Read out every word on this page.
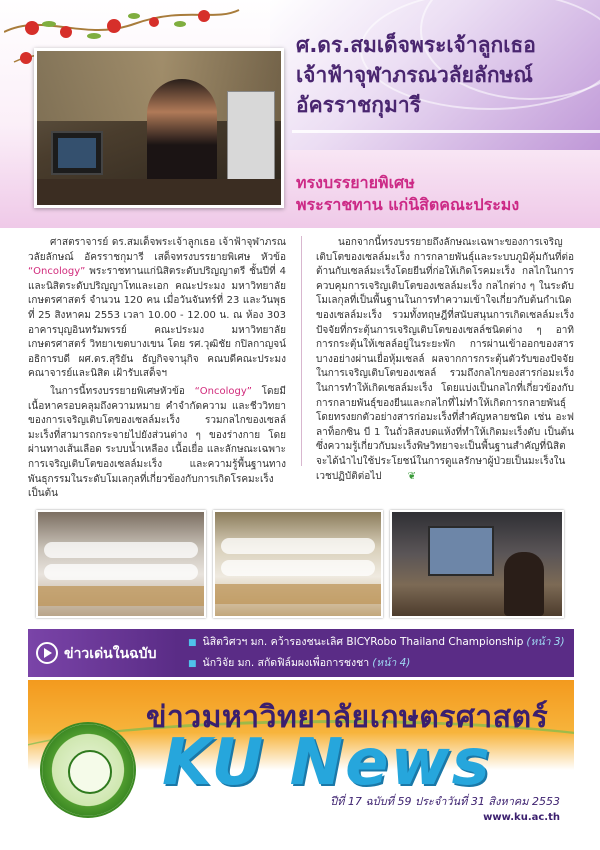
ศ.ดร.สมเด็จพระเจ้าลูกเธอ
เจ้าฟ้าจุฬาภรณวลัยลักษณ์
อัครราชกุมารี
ทรงบรรยายพิเศษ
พระราชทาน แก่นิสิตคณะประมง

ศาสตราจารย์ ดร.สมเด็จพระเจ้าลูกเธอ เจ้าฟ้าจุฬาภรณวลัยลักษณ์ อัครราชกุมารี เสด็จทรงบรรยายพิเศษ หัวข้อ “Oncology” พระราชทานแก่นิสิตระดับปริญญาตรี ชั้นปีที่ 4 และนิสิตระดับปริญญาโทและเอก คณะประมง มหาวิทยาลัยเกษตรศาสตร์ จำนวน 120 คน เมื่อวันจันทร์ที่ 23 และวันพุธที่ 25 สิงหาคม 2553 เวลา 10.00 - 12.00 น. ณ ห้อง 303 อาคารบุญอินทรัมพรรย์ คณะประมง มหาวิทยาลัยเกษตรศาสตร์ วิทยาเขตบางเขน โดย รศ.วุฒิชัย กปิลกาญจน์ อธิการบดี ผศ.ดร.สุริยัน ธัญกิจจานุกิจ คณบดีคณะประมง คณาจารย์และนิสิต เฝ้ารับเสด็จฯ

ในการนี้ทรงบรรยายพิเศษหัวข้อ “Oncology” โดยมีเนื้อหาครอบคลุมถึงความหมาย คำจำกัดความ และชีววิทยาของการเจริญเติบโตของเซลล์มะเร็ง รวมกลไกของเซลล์มะเร็งที่สามารถกระจายไปยังส่วนต่าง ๆ ของร่างกาย โดยผ่านทางเส้นเลือด ระบบน้ำเหลือง เนื้อเยื่อ และลักษณะเฉพาะการเจริญเติบโตของเซลล์มะเร็ง และความรู้พื้นฐานทางพันธุกรรมในระดับโมเลกุลที่เกี่ยวข้องกับการเกิดโรคมะเร็ง เป็นต้น

นอกจากนี้ทรงบรรยายถึงลักษณะเฉพาะของการเจริญเติบโตของเซลล์มะเร็ง การกลายพันธุ์และระบบภูมิคุ้มกันที่ต่อต้านกับเซลล์มะเร็งโดยยีนที่ก่อให้เกิดโรคมะเร็ง กลไกในการควบคุมการเจริญเติบโตของเซลล์มะเร็ง กลไกต่าง ๆ ในระดับโมเลกุลที่เป็นพื้นฐานในการทำความเข้าใจเกี่ยวกับต้นกำเนิดของเซลล์มะเร็ง รวมทั้งทฤษฎีที่สนับสนุนการเกิดเซลล์มะเร็ง ปัจจัยที่กระตุ้นการเจริญเติบโตของเซลล์ชนิดต่าง ๆ อาทิ การกระตุ้นให้เซลล์อยู่ในระยะพัก การผ่านเข้าออกของสารบางอย่างผ่านเยื่อหุ้มเซลล์ ผลจากการกระตุ้นตัวรับของปัจจัยในการเจริญเติบโตของเซลล์ รวมถึงกลไกของสารก่อมะเร็งในการทำให้เกิดเซลล์มะเร็ง โดยแบ่งเป็นกลไกที่เกี่ยวข้องกับการกลายพันธุ์ของยีนและกลไกที่ไม่ทำให้เกิดการกลายพันธุ์ โดยทรงยกตัวอย่างสารก่อมะเร็งที่สำคัญหลายชนิด เช่น อะฟลาท็อกซิน บี 1 ในถั่วลิสงบดแห้งที่ทำให้เกิดมะเร็งตับ เป็นต้น ซึ่งความรู้เกี่ยวกับมะเร็งพิษวิทยาจะเป็นพื้นฐานสำคัญที่นิสิตจะได้นำไปใช้ประโยชน์ในการดูแลรักษาผู้ป่วยเป็นมะเร็งในเวชปฏิบัติต่อไป	❦

ข่าวเด่นในฉบับ
■ นิสิตวิศวฯ มก. คว้ารองชนะเลิศ BICYRobo Thailand Championship (หน้า 3)
■ นักวิจัย มก. สกัดฟิล์มผงเพื่อการชงชา (หน้า 4)
ข่าวมหาวิทยาลัยเกษตรศาสตร์
KU News
ปีที่ 17 ฉบับที่ 59 ประจำวันที่ 31 สิงหาคม 2553
www.ku.ac.th
